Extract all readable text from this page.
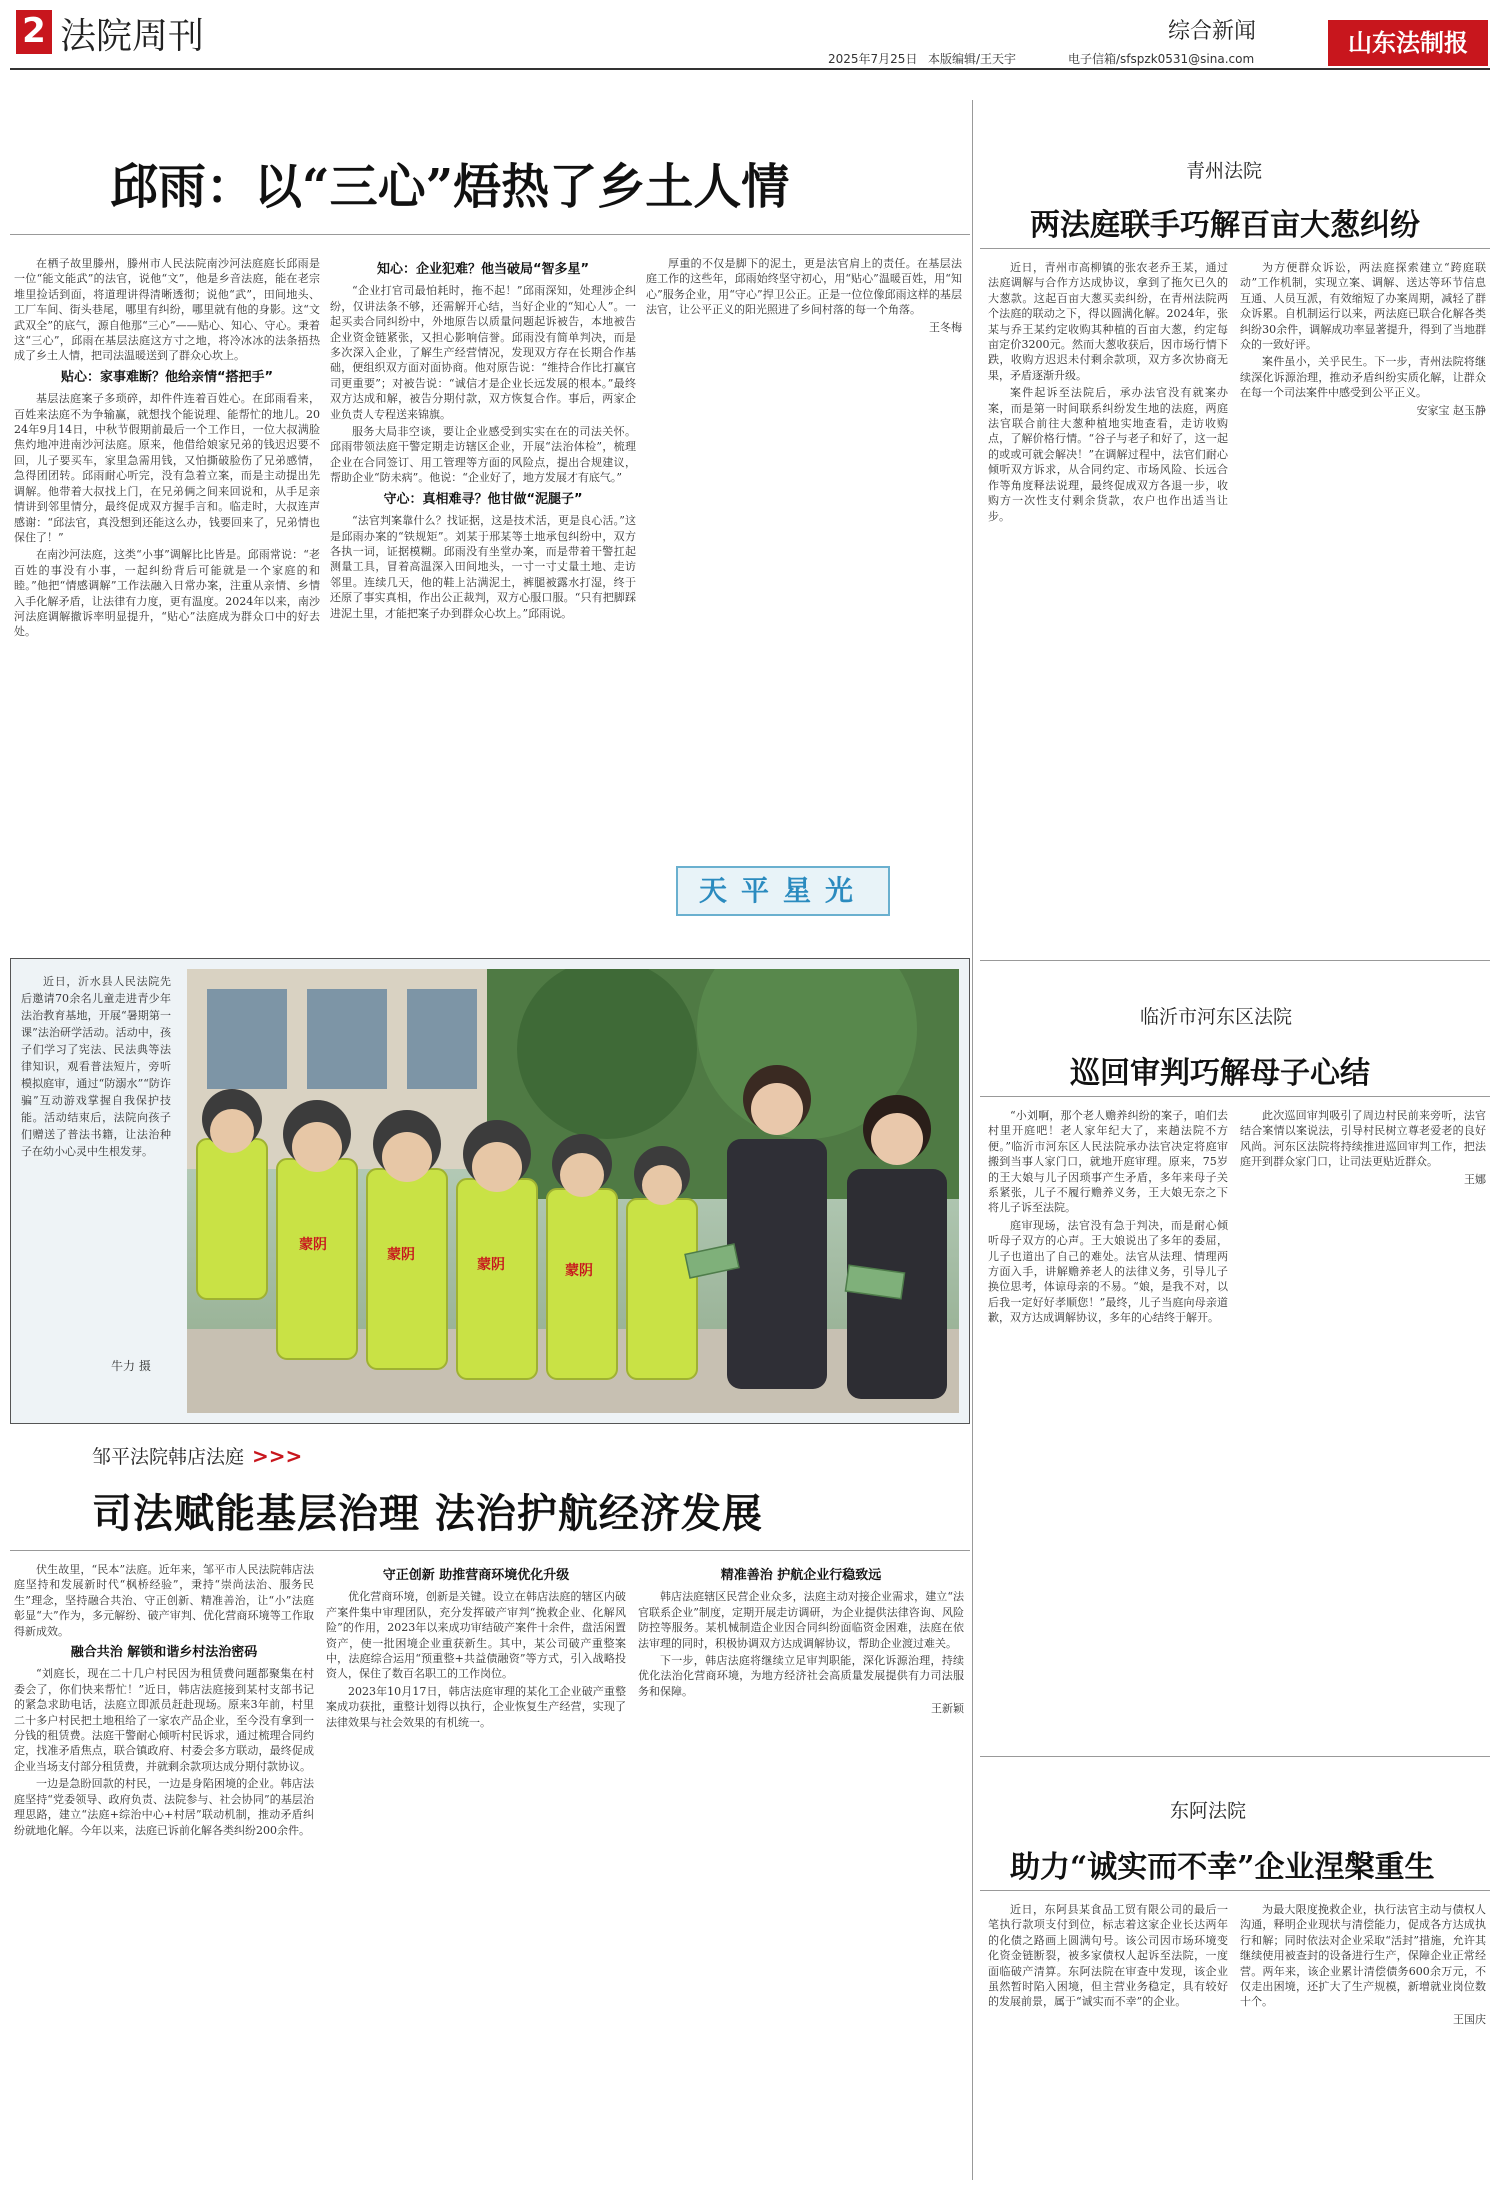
2 法院周刊	综合新闻
2025年7月25日 本版编辑/王天宇	电子信箱/sfspzk0531@sina.com
山东法制报
邱雨：以“三心”焐热了乡土人情

在栖子故里滕州，滕州市人民法院南沙河法庭庭长邱雨是一位“能文能武”的法官，说他“文”，他是乡音法庭，能在老宗堆里捡话到面，将道理讲得清晰透彻；说他“武”，田间地头、工厂车间、街头巷尾，哪里有纠纷，哪里就有他的身影。这“文武双全”的底气，源自他那“三心”——贴心、知心、守心。秉着这“三心”，邱雨在基层法庭这方寸之地，将冷冰冰的法条捂热成了乡土人情，把司法温暖送到了群众心坎上。

贴心：家事难断？他给亲情“搭把手”

基层法庭案子多琐碎，却件件连着百姓心。在邱雨看来，百姓来法庭不为争输赢，就想找个能说理、能帮忙的地儿。2024年9月14日，中秋节假期前最后一个工作日，一位大叔满脸焦灼地冲进南沙河法庭。原来，他借给娘家兄弟的钱迟迟要不回，儿子要买车，家里急需用钱，又怕撕破脸伤了兄弟感情，急得团团转。邱雨耐心听完，没有急着立案，而是主动提出先调解。他带着大叔找上门，在兄弟俩之间来回说和，从手足亲情讲到邻里情分，最终促成双方握手言和。临走时，大叔连声感谢：“邱法官，真没想到还能这么办，钱要回来了，兄弟情也保住了！”

在南沙河法庭，这类“小事”调解比比皆是。邱雨常说：“老百姓的事没有小事，一起纠纷背后可能就是一个家庭的和睦。”他把“情感调解”工作法融入日常办案，注重从亲情、乡情入手化解矛盾，让法律有力度，更有温度。2024年以来，南沙河法庭调解撤诉率明显提升，“贴心”法庭成为群众口中的好去处。

知心：企业犯难？他当破局“智多星”

“企业打官司最怕耗时，拖不起！”邱雨深知，处理涉企纠纷，仅讲法条不够，还需解开心结，当好企业的“知心人”。一起买卖合同纠纷中，外地原告以质量问题起诉被告，本地被告企业资金链紧张，又担心影响信誉。邱雨没有简单判决，而是多次深入企业，了解生产经营情况，发现双方存在长期合作基础，便组织双方面对面协商。他对原告说：“维持合作比打赢官司更重要”；对被告说：“诚信才是企业长远发展的根本。”最终双方达成和解，被告分期付款，双方恢复合作。事后，两家企业负责人专程送来锦旗。

服务大局非空谈，要让企业感受到实实在在的司法关怀。邱雨带领法庭干警定期走访辖区企业，开展“法治体检”，梳理企业在合同签订、用工管理等方面的风险点，提出合规建议，帮助企业“防未病”。他说：“企业好了，地方发展才有底气。”

守心：真相难寻？他甘做“泥腿子”

“法官判案靠什么？找证据，这是技术活，更是良心活。”这是邱雨办案的“铁规矩”。刘某于邢某等土地承包纠纷中，双方各执一词，证据模糊。邱雨没有坐堂办案，而是带着干警扛起测量工具，冒着高温深入田间地头，一寸一寸丈量土地、走访邻里。连续几天，他的鞋上沾满泥土，裤腿被露水打湿，终于还原了事实真相，作出公正裁判，双方心服口服。“只有把脚踩进泥土里，才能把案子办到群众心坎上。”邱雨说。

厚重的不仅是脚下的泥土，更是法官肩上的责任。在基层法庭工作的这些年，邱雨始终坚守初心，用“贴心”温暖百姓，用“知心”服务企业，用“守心”捍卫公正。正是一位位像邱雨这样的基层法官，让公平正义的阳光照进了乡间村落的每一个角落。

王冬梅

天平星光

近日，沂水县人民法院先后邀请70余名儿童走进青少年法治教育基地，开展“暑期第一课”法治研学活动。活动中，孩子们学习了宪法、民法典等法律知识，观看普法短片，旁听模拟庭审，通过“防溺水”“防诈骗”互动游戏掌握自我保护技能。活动结束后，法院向孩子们赠送了普法书籍，让法治种子在幼小心灵中生根发芽。

牛力 摄
蒙阴
蒙阴
蒙阴	蒙阴
邹平法院韩店法庭 >>>
司法赋能基层治理 法治护航经济发展

伏生故里，“民本”法庭。近年来，邹平市人民法院韩店法庭坚持和发展新时代“枫桥经验”，秉持“崇尚法治、服务民生”理念，坚持融合共治、守正创新、精准善治，让“小”法庭彰显“大”作为，多元解纷、破产审判、优化营商环境等工作取得新成效。

融合共治 解锁和谐乡村法治密码

“刘庭长，现在二十几户村民因为租赁费问题都聚集在村委会了，你们快来帮忙！”近日，韩店法庭接到某村支部书记的紧急求助电话，法庭立即派员赶赴现场。原来3年前，村里二十多户村民把土地租给了一家农产品企业，至今没有拿到一分钱的租赁费。法庭干警耐心倾听村民诉求，通过梳理合同约定，找准矛盾焦点，联合镇政府、村委会多方联动，最终促成企业当场支付部分租赁费，并就剩余款项达成分期付款协议。

一边是急盼回款的村民，一边是身陷困境的企业。韩店法庭坚持“党委领导、政府负责、法院参与、社会协同”的基层治理思路，建立“法庭+综治中心+村居”联动机制，推动矛盾纠纷就地化解。今年以来，法庭已诉前化解各类纠纷200余件。

守正创新 助推营商环境优化升级

优化营商环境，创新是关键。设立在韩店法庭的辖区内破产案件集中审理团队，充分发挥破产审判“挽救企业、化解风险”的作用，2023年以来成功审结破产案件十余件，盘活闲置资产，使一批困境企业重获新生。其中，某公司破产重整案中，法庭综合运用“预重整+共益债融资”等方式，引入战略投资人，保住了数百名职工的工作岗位。

2023年10月17日，韩店法庭审理的某化工企业破产重整案成功获批，重整计划得以执行，企业恢复生产经营，实现了法律效果与社会效果的有机统一。

精准善治 护航企业行稳致远

韩店法庭辖区民营企业众多，法庭主动对接企业需求，建立“法官联系企业”制度，定期开展走访调研，为企业提供法律咨询、风险防控等服务。某机械制造企业因合同纠纷面临资金困难，法庭在依法审理的同时，积极协调双方达成调解协议，帮助企业渡过难关。

下一步，韩店法庭将继续立足审判职能，深化诉源治理，持续优化法治化营商环境，为地方经济社会高质量发展提供有力司法服务和保障。

王新颖

青州法院
两法庭联手巧解百亩大葱纠纷

近日，青州市高柳镇的张农老乔王某，通过法庭调解与合作方达成协议，拿到了拖欠已久的大葱款。这起百亩大葱买卖纠纷，在青州法院两个法庭的联动之下，得以圆满化解。2024年，张某与乔王某约定收购其种植的百亩大葱，约定每亩定价3200元。然而大葱收获后，因市场行情下跌，收购方迟迟未付剩余款项，双方多次协商无果，矛盾逐渐升级。

案件起诉至法院后，承办法官没有就案办案，而是第一时间联系纠纷发生地的法庭，两庭法官联合前往大葱种植地实地查看，走访收购点，了解价格行情。“谷子与老子和好了，这一起的或或可就会解决！”在调解过程中，法官们耐心倾听双方诉求，从合同约定、市场风险、长远合作等角度释法说理，最终促成双方各退一步，收购方一次性支付剩余货款，农户也作出适当让步。

为方便群众诉讼，两法庭探索建立“跨庭联动”工作机制，实现立案、调解、送达等环节信息互通、人员互派，有效缩短了办案周期，减轻了群众诉累。自机制运行以来，两法庭已联合化解各类纠纷30余件，调解成功率显著提升，得到了当地群众的一致好评。

案件虽小，关乎民生。下一步，青州法院将继续深化诉源治理，推动矛盾纠纷实质化解，让群众在每一个司法案件中感受到公平正义。

安家宝 赵玉静

临沂市河东区法院
巡回审判巧解母子心结

“小刘啊，那个老人赡养纠纷的案子，咱们去村里开庭吧！老人家年纪大了，来趟法院不方便。”临沂市河东区人民法院承办法官决定将庭审搬到当事人家门口，就地开庭审理。原来，75岁的王大娘与儿子因琐事产生矛盾，多年来母子关系紧张，儿子不履行赡养义务，王大娘无奈之下将儿子诉至法院。

庭审现场，法官没有急于判决，而是耐心倾听母子双方的心声。王大娘说出了多年的委屈，儿子也道出了自己的难处。法官从法理、情理两方面入手，讲解赡养老人的法律义务，引导儿子换位思考，体谅母亲的不易。“娘，是我不对，以后我一定好好孝顺您！”最终，儿子当庭向母亲道歉，双方达成调解协议，多年的心结终于解开。

此次巡回审判吸引了周边村民前来旁听，法官结合案情以案说法，引导村民树立尊老爱老的良好风尚。河东区法院将持续推进巡回审判工作，把法庭开到群众家门口，让司法更贴近群众。

王娜

东阿法院
助力“诚实而不幸”企业涅槃重生

近日，东阿县某食品工贸有限公司的最后一笔执行款项支付到位，标志着这家企业长达两年的化债之路画上圆满句号。该公司因市场环境变化资金链断裂，被多家债权人起诉至法院，一度面临破产清算。东阿法院在审查中发现，该企业虽然暂时陷入困境，但主营业务稳定，具有较好的发展前景，属于“诚实而不幸”的企业。

为最大限度挽救企业，执行法官主动与债权人沟通，释明企业现状与清偿能力，促成各方达成执行和解；同时依法对企业采取“活封”措施，允许其继续使用被查封的设备进行生产，保障企业正常经营。两年来，该企业累计清偿债务600余万元，不仅走出困境，还扩大了生产规模，新增就业岗位数十个。

王国庆
